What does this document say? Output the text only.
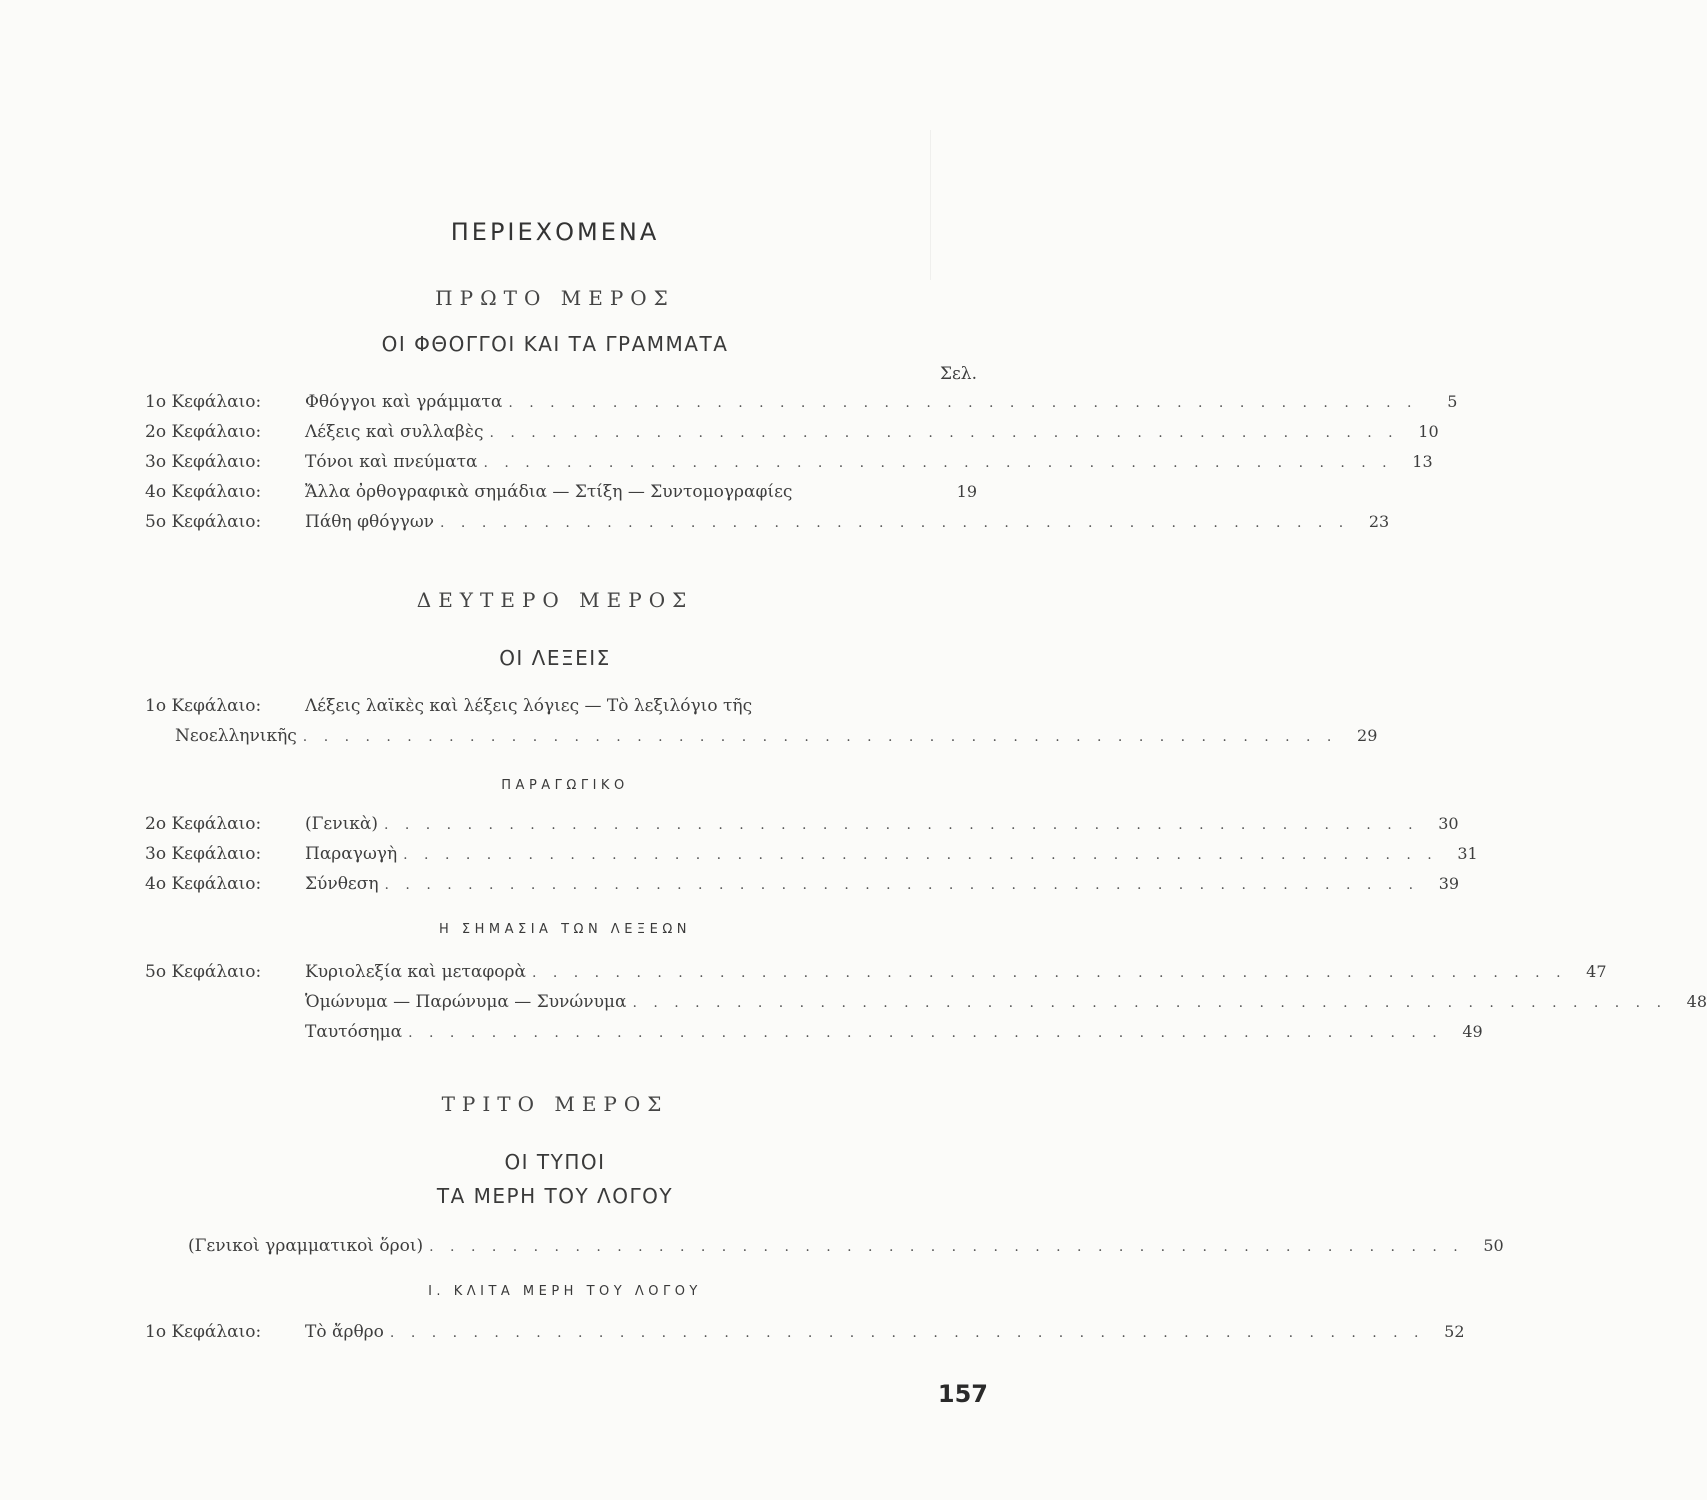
ΠΕΡΙΕΧΟΜΕΝΑ
ΠΡΩΤΟ ΜΕΡΟΣ
ΟΙ ΦΘΟΓΓΟΙ ΚΑΙ ΤΑ ΓΡΑΜΜΑΤΑ
Σελ.
1ο Κεφάλαιο:	Φθόγγοι καὶ γράμματα . . . . . . . . . . . . . . . . . . . . . . . . . . . . . . . . . . . . . . . . . . . .	5
2ο Κεφάλαιο:	Λέξεις καὶ συλλαβὲς . . . . . . . . . . . . . . . . . . . . . . . . . . . . . . . . . . . . . . . . . . . .	10
3ο Κεφάλαιο:	Τόνοι καὶ πνεύματα . . . . . . . . . . . . . . . . . . . . . . . . . . . . . . . . . . . . . . . . . . . .	13
4ο Κεφάλαιο:	Ἄλλα ὀρθογραφικὰ σημάδια — Στίξη — Συντομογραφίες	19
5ο Κεφάλαιο:	Πάθη φθόγγων . . . . . . . . . . . . . . . . . . . . . . . . . . . . . . . . . . . . . . . . . . . .	23
ΔΕΥΤΕΡΟ ΜΕΡΟΣ
ΟΙ ΛΕΞΕΙΣ
1ο Κεφάλαιο:	Λέξεις λαϊκὲς καὶ λέξεις λόγιες — Τὸ λεξιλόγιο τῆς
Νεοελληνικῆς . . . . . . . . . . . . . . . . . . . . . . . . . . . . . . . . . . . . . . . . . . . . . . . . . .	29
ΠΑΡΑΓΩΓΙΚΟ
2ο Κεφάλαιο:	(Γενικὰ) . . . . . . . . . . . . . . . . . . . . . . . . . . . . . . . . . . . . . . . . . . . . . . . . . .	30
3ο Κεφάλαιο:	Παραγωγὴ . . . . . . . . . . . . . . . . . . . . . . . . . . . . . . . . . . . . . . . . . . . . . . . . . .	31
4ο Κεφάλαιο:	Σύνθεση . . . . . . . . . . . . . . . . . . . . . . . . . . . . . . . . . . . . . . . . . . . . . . . . . .	39
Η ΣΗΜΑΣΙΑ ΤΩΝ ΛΕΞΕΩΝ
5ο Κεφάλαιο:	Κυριολεξία καὶ μεταφορὰ . . . . . . . . . . . . . . . . . . . . . . . . . . . . . . . . . . . . . . . . . . . . . . . . . .	47
Ὁμώνυμα — Παρώνυμα — Συνώνυμα . . . . . . . . . . . . . . . . . . . . . . . . . . . . . . . . . . . . . . . . . . . . . . . . . .	48
Ταυτόσημα . . . . . . . . . . . . . . . . . . . . . . . . . . . . . . . . . . . . . . . . . . . . . . . . . .	49
ΤΡΙΤΟ ΜΕΡΟΣ
ΟΙ ΤΥΠΟΙ
ΤΑ ΜΕΡΗ ΤΟΥ ΛΟΓΟΥ
(Γενικοὶ γραμματικοὶ ὅροι) . . . . . . . . . . . . . . . . . . . . . . . . . . . . . . . . . . . . . . . . . . . . . . . . . .	50
I. ΚΛΙΤΑ ΜΕΡΗ ΤΟΥ ΛΟΓΟΥ
1ο Κεφάλαιο:	Τὸ ἄρθρο . . . . . . . . . . . . . . . . . . . . . . . . . . . . . . . . . . . . . . . . . . . . . . . . . .	52
157
